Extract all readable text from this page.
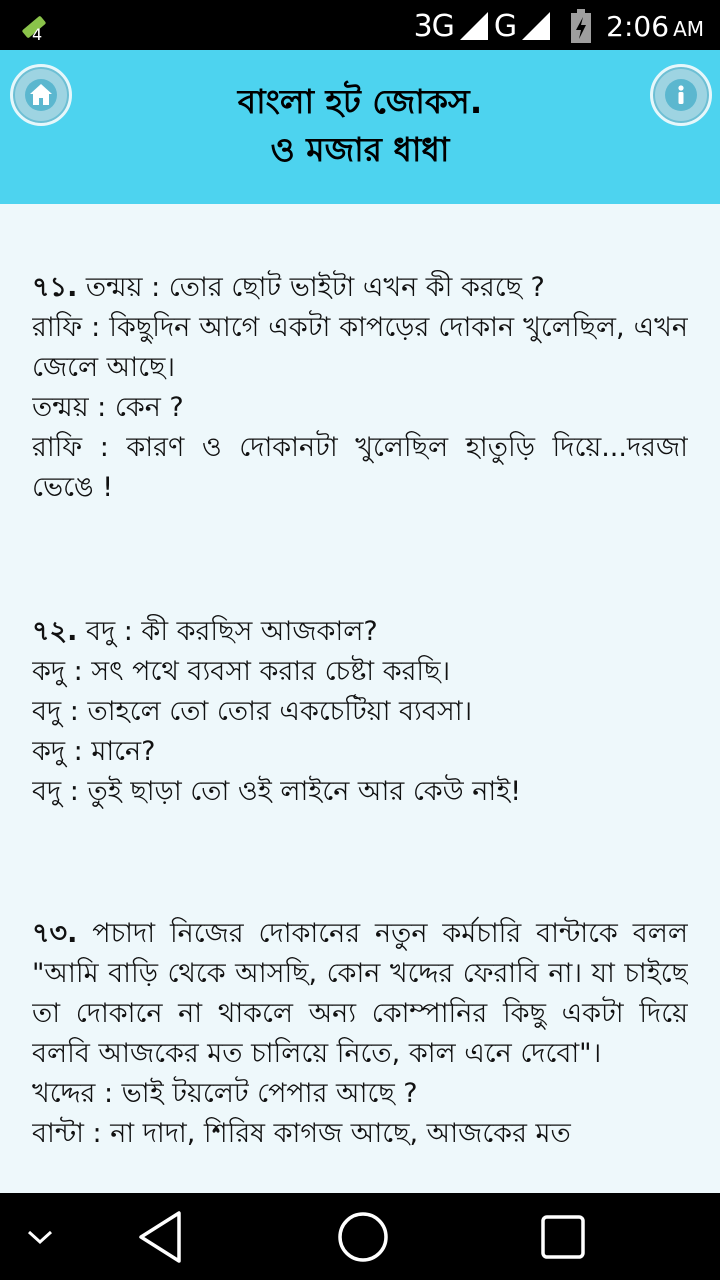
4	3G G	2:06 AM
বাংলা হট জোকস.
ও মজার ধাধা
৭১. তন্ময় : তোর ছোট ভাইটা এখন কী করছে ?
রাফি : কিছুদিন আগে একটা কাপড়ের দোকান খুলেছিল, এখন জেলে আছে।
তন্ময় : কেন ?
রাফি : কারণ ও দোকানটা খুলেছিল হাতুড়ি দিয়ে...দরজা ভেঙে !
৭২. বদু : কী করছিস আজকাল?
কদু : সৎ পথে ব্যবসা করার চেষ্টা করছি।
বদু : তাহলে তো তোর একচেটিয়া ব্যবসা।
কদু : মানে?
বদু : তুই ছাড়া তো ওই লাইনে আর কেউ নাই!
৭৩. পচাদা নিজের দোকানের নতুন কর্মচারি বান্টাকে বলল "আমি বাড়ি থেকে আসছি, কোন খদ্দের ফেরাবি না। যা চাইছে তা দোকানে না থাকলে অন্য কোম্পানির কিছু একটা দিয়ে বলবি আজকের মত চালিয়ে নিতে, কাল এনে দেবো"।
খদ্দের : ভাই টয়লেট পেপার আছে ?
বান্টা : না দাদা, শিরিষ কাগজ আছে, আজকের মত
